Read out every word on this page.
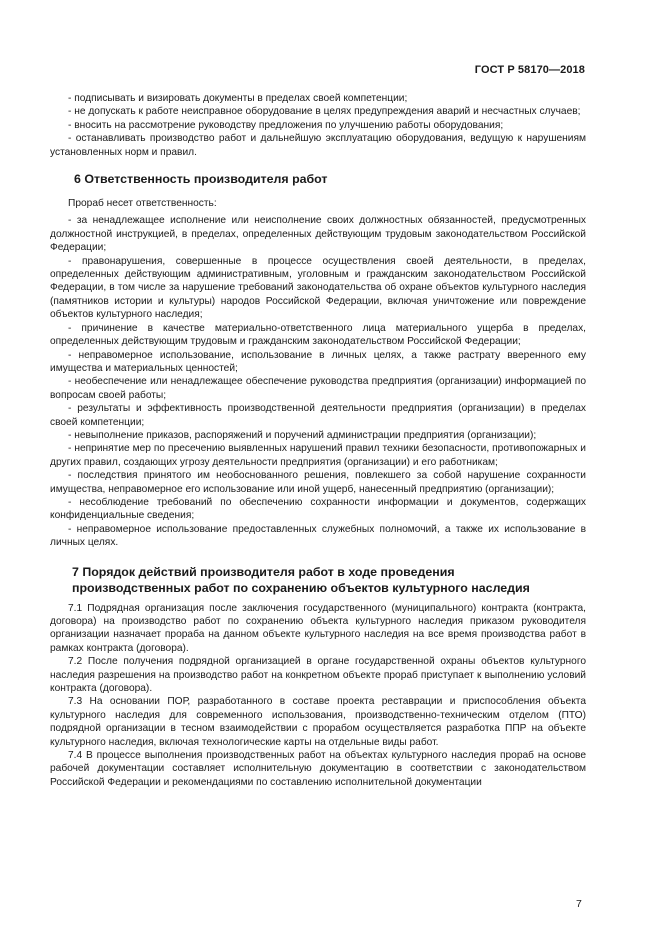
ГОСТ Р 58170—2018

- подписывать и визировать документы в пределах своей компетенции;

- не допускать к работе неисправное оборудование в целях предупреждения аварий и несчастных случаев;

- вносить на рассмотрение руководству предложения по улучшению работы оборудования;

- останавливать производство работ и дальнейшую эксплуатацию оборудования, ведущую к нарушениям установленных норм и правил.

6 Ответственность производителя работ

Прораб несет ответственность:

- за ненадлежащее исполнение или неисполнение своих должностных обязанностей, предусмотренных должностной инструкцией, в пределах, определенных действующим трудовым законодательством Российской Федерации;

- правонарушения, совершенные в процессе осуществления своей деятельности, в пределах, определенных действующим административным, уголовным и гражданским законодательством Российской Федерации, в том числе за нарушение требований законодательства об охране объектов культурного наследия (памятников истории и культуры) народов Российской Федерации, включая уничтожение или повреждение объектов культурного наследия;

- причинение в качестве материально-ответственного лица материального ущерба в пределах, определенных действующим трудовым и гражданским законодательством Российской Федерации;

- неправомерное использование, использование в личных целях, а также растрату вверенного ему имущества и материальных ценностей;

- необеспечение или ненадлежащее обеспечение руководства предприятия (организации) информацией по вопросам своей работы;

- результаты и эффективность производственной деятельности предприятия (организации) в пределах своей компетенции;

- невыполнение приказов, распоряжений и поручений администрации предприятия (организации);

- непринятие мер по пресечению выявленных нарушений правил техники безопасности, противопожарных и других правил, создающих угрозу деятельности предприятия (организации) и его работникам;

- последствия принятого им необоснованного решения, повлекшего за собой нарушение сохранности имущества, неправомерное его использование или иной ущерб, нанесенный предприятию (организации);

- несоблюдение требований по обеспечению сохранности информации и документов, содержащих конфиденциальные сведения;

- неправомерное использование предоставленных служебных полномочий, а также их использование в личных целях.

7 Порядок действий производителя работ в ходе проведения
производственных работ по сохранению объектов культурного наследия

7.1 Подрядная организация после заключения государственного (муниципального) контракта (контракта, договора) на производство работ по сохранению объекта культурного наследия приказом руководителя организации назначает прораба на данном объекте культурного наследия на все время производства работ в рамках контракта (договора).

7.2 После получения подрядной организацией в органе государственной охраны объектов культурного наследия разрешения на производство работ на конкретном объекте прораб приступает к выполнению условий контракта (договора).

7.3 На основании ПОР, разработанного в составе проекта реставрации и приспособления объекта культурного наследия для современного использования, производственно-техническим отделом (ПТО) подрядной организации в тесном взаимодействии с прорабом осуществляется разработка ППР на объекте культурного наследия, включая технологические карты на отдельные виды работ.

7.4 В процессе выполнения производственных работ на объектах культурного наследия прораб на основе рабочей документации составляет исполнительную документацию в соответствии с законодательством Российской Федерации и рекомендациями по составлению исполнительной документации

7
